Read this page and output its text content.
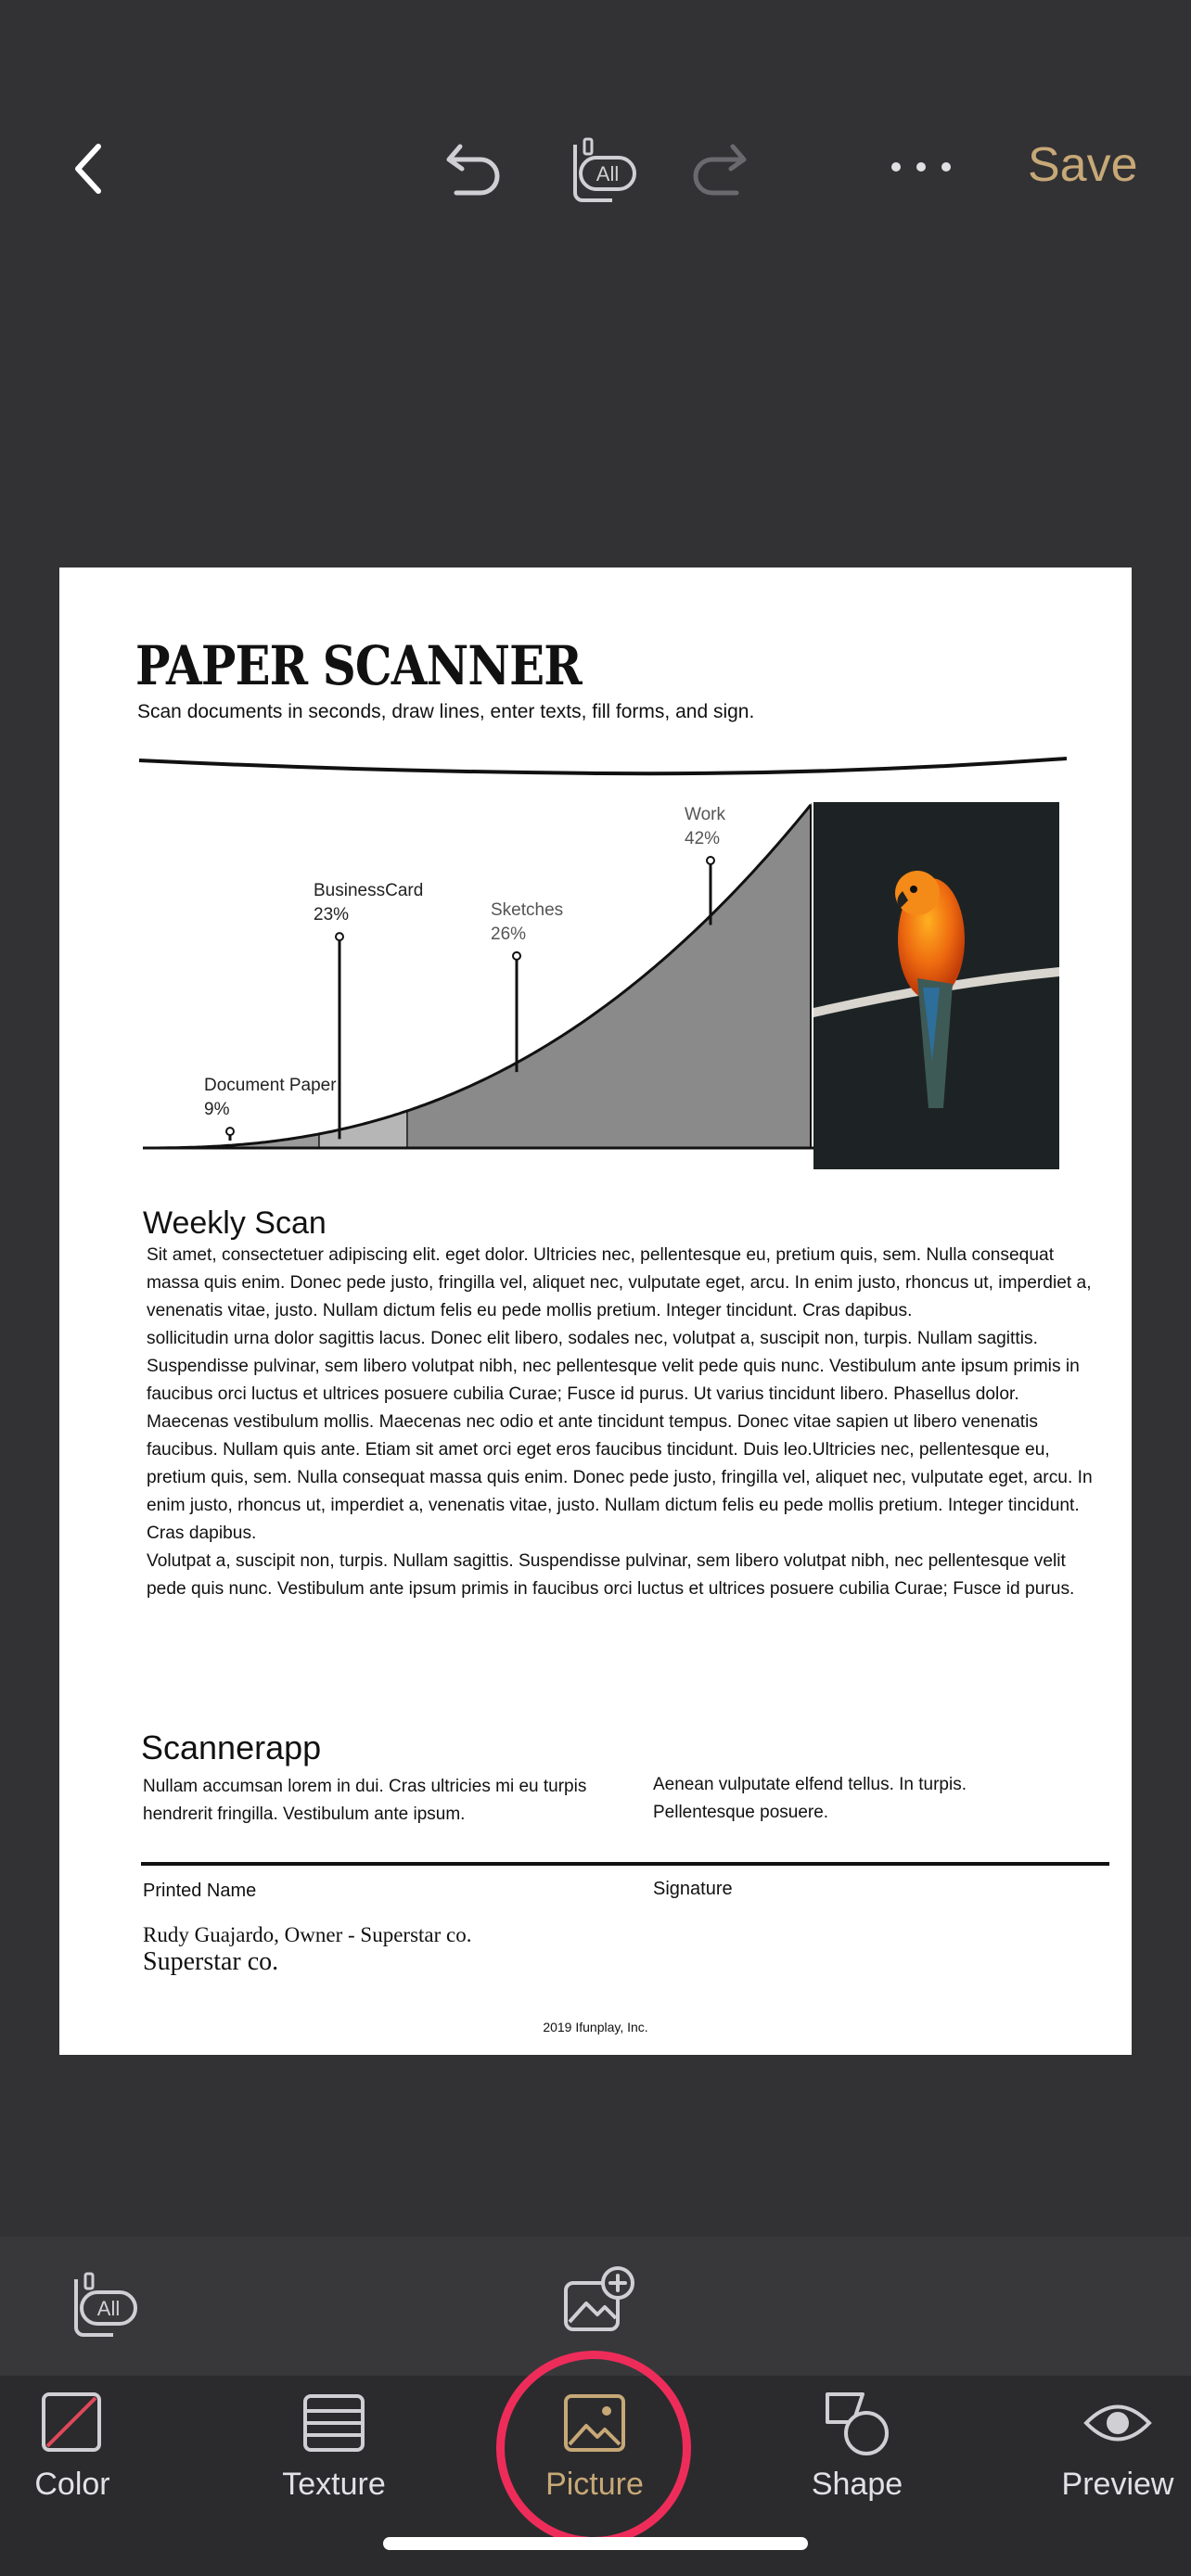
All	Save
PAPER SCANNER
Scan documents in seconds, draw lines, enter texts, fill forms, and sign.
Document Paper
9%
BusinessCard
23%	Sketches
26%
Work
42%
Weekly Scan

Sit amet, consectetuer adipiscing elit. eget dolor. Ultricies nec, pellentesque eu, pretium quis, sem. Nulla consequat massa quis enim. Donec pede justo, fringilla vel, aliquet nec, vulputate eget, arcu. In enim justo, rhoncus ut, imperdiet a, venenatis vitae, justo. Nullam dictum felis eu pede mollis pretium. Integer tincidunt. Cras dapibus.

sollicitudin urna dolor sagittis lacus. Donec elit libero, sodales nec, volutpat a, suscipit non, turpis. Nullam sagittis. Suspendisse pulvinar, sem libero volutpat nibh, nec pellentesque velit pede quis nunc. Vestibulum ante ipsum primis in faucibus orci luctus et ultrices posuere cubilia Curae; Fusce id purus. Ut varius tincidunt libero. Phasellus dolor. Maecenas vestibulum mollis. Maecenas nec odio et ante tincidunt tempus. Donec vitae sapien ut libero venenatis faucibus. Nullam quis ante. Etiam sit amet orci eget eros faucibus tincidunt. Duis leo.Ultricies nec, pellentesque eu, pretium quis, sem. Nulla consequat massa quis enim. Donec pede justo, fringilla vel, aliquet nec, vulputate eget, arcu. In enim justo, rhoncus ut, imperdiet a, venenatis vitae, justo. Nullam dictum felis eu pede mollis pretium. Integer tincidunt. Cras dapibus.

Volutpat a, suscipit non, turpis. Nullam sagittis. Suspendisse pulvinar, sem libero volutpat nibh, nec pellentesque velit pede quis nunc. Vestibulum ante ipsum primis in faucibus orci luctus et ultrices posuere cubilia Curae; Fusce id purus.

Scannerapp
Nullam accumsan lorem in dui. Cras ultricies mi eu turpis hendrerit fringilla. Vestibulum ante ipsum.
Aenean vulputate elfend tellus. In turpis. Pellentesque posuere.
Printed Name	Signature
Rudy Guajardo, Owner - Superstar co.
Superstar co.
2019 Ifunplay, Inc.
All
Color	Texture	Picture	Shape	Preview
